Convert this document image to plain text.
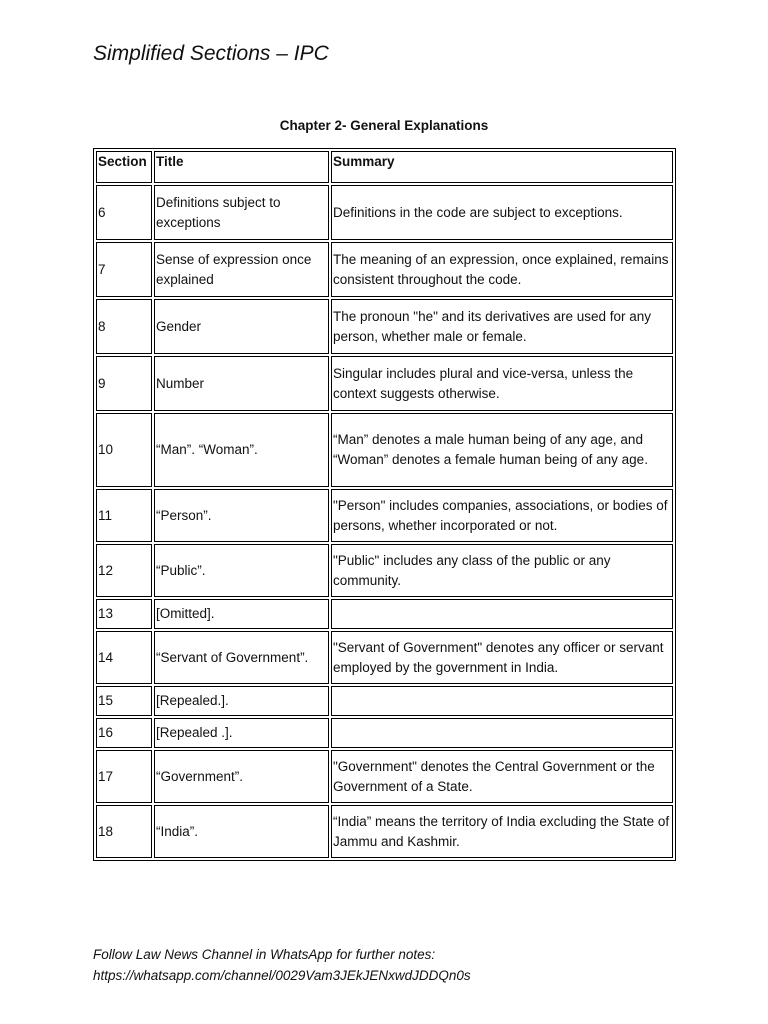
Simplified Sections – IPC
Chapter 2- General Explanations
Section	Title	Summary
6	Definitions subject to exceptions	Definitions in the code are subject to exceptions.
7	Sense of expression once explained	The meaning of an expression, once explained, remains consistent throughout the code.
8	Gender	The pronoun "he" and its derivatives are used for any person, whether male or female.
9	Number	Singular includes plural and vice-versa, unless the context suggests otherwise.
10	“Man”. “Woman”.	“Man” denotes a male human being of any age, and “Woman” denotes a female human being of any age.
11	“Person”.	"Person" includes companies, associations, or bodies of persons, whether incorporated or not.
12	“Public”.	"Public" includes any class of the public or any community.
13	[Omitted].	
14	“Servant of Government”.	"Servant of Government" denotes any officer or servant employed by the government in India.
15	[Repealed.].	
16	[Repealed .].	
17	“Government”.	"Government" denotes the Central Government or the Government of a State.
18	“India”.	“India” means the territory of India excluding the State of Jammu and Kashmir.
Follow Law News Channel in WhatsApp for further notes:
https://whatsapp.com/channel/0029Vam3JEkJENxwdJDDQn0s
